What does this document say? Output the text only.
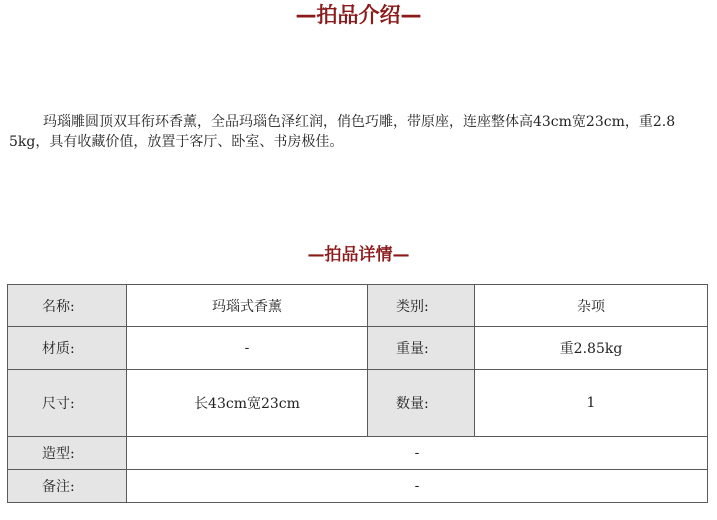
—拍品介绍—

玛瑙雕圆顶双耳衔环香薰，全品玛瑙色泽红润，俏色巧雕，带原座，连座整体高43cm宽23cm，重2.85kg，具有收藏价值，放置于客厅、卧室、书房极佳。

—拍品详情—
名称:	玛瑙式香薰	类别:	杂项
材质:	-	重量:	重2.85kg
尺寸:	长43cm宽23cm	数量:	1
造型:	-		
备注:	-		
